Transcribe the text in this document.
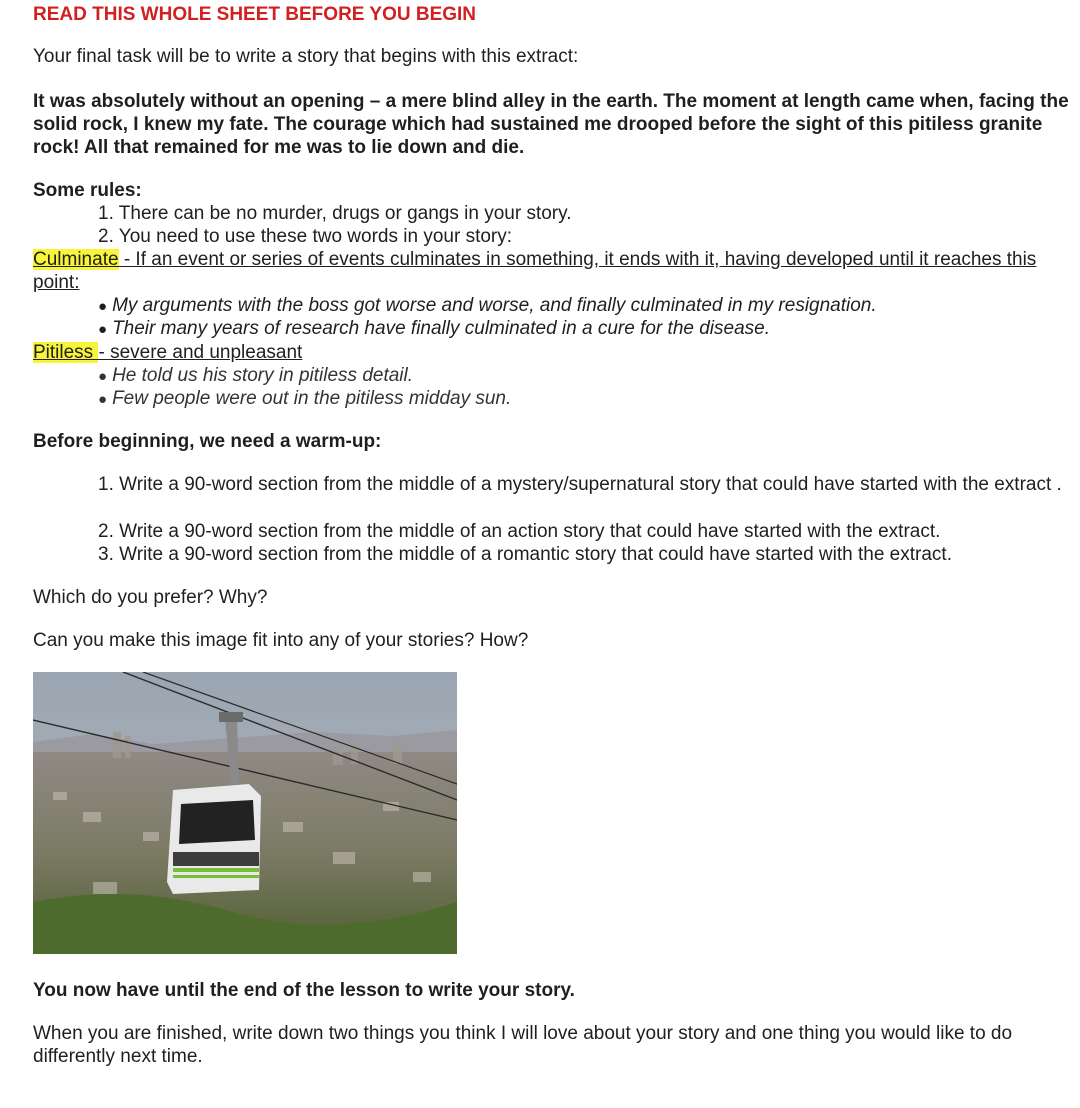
READ THIS WHOLE SHEET BEFORE YOU BEGIN

Your final task will be to write a story that begins with this extract:

It was absolutely without an opening – a mere blind alley in the earth. The moment at length came when, facing the solid rock, I knew my fate. The courage which had sustained me drooped before the sight of this pitiless granite rock! All that remained for me was to lie down and die.

Some rules:

1. There can be no murder, drugs or gangs in your story.

2. You need to use these two words in your story:

Culminate - If an event or series of events culminates in something, it ends with it, having developed until it reaches this point:

● My arguments with the boss got worse and worse, and finally culminated in my resignation.

● Their many years of research have finally culminated in a cure for the disease.

Pitiless - severe and unpleasant

● He told us his story in pitiless detail.

● Few people were out in the pitiless midday sun.

Before beginning, we need a warm-up:

1. Write a 90-word section from the middle of a mystery/supernatural story that could have started with the extract .

2. Write a 90-word section from the middle of an action story that could have started with the extract.

3. Write a 90-word section from the middle of a romantic story that could have started with the extract.

Which do you prefer? Why?

Can you make this image fit into any of your stories? How?

You now have until the end of the lesson to write your story.

When you are finished, write down two things you think I will love about your story and one thing you would like to do differently next time.
